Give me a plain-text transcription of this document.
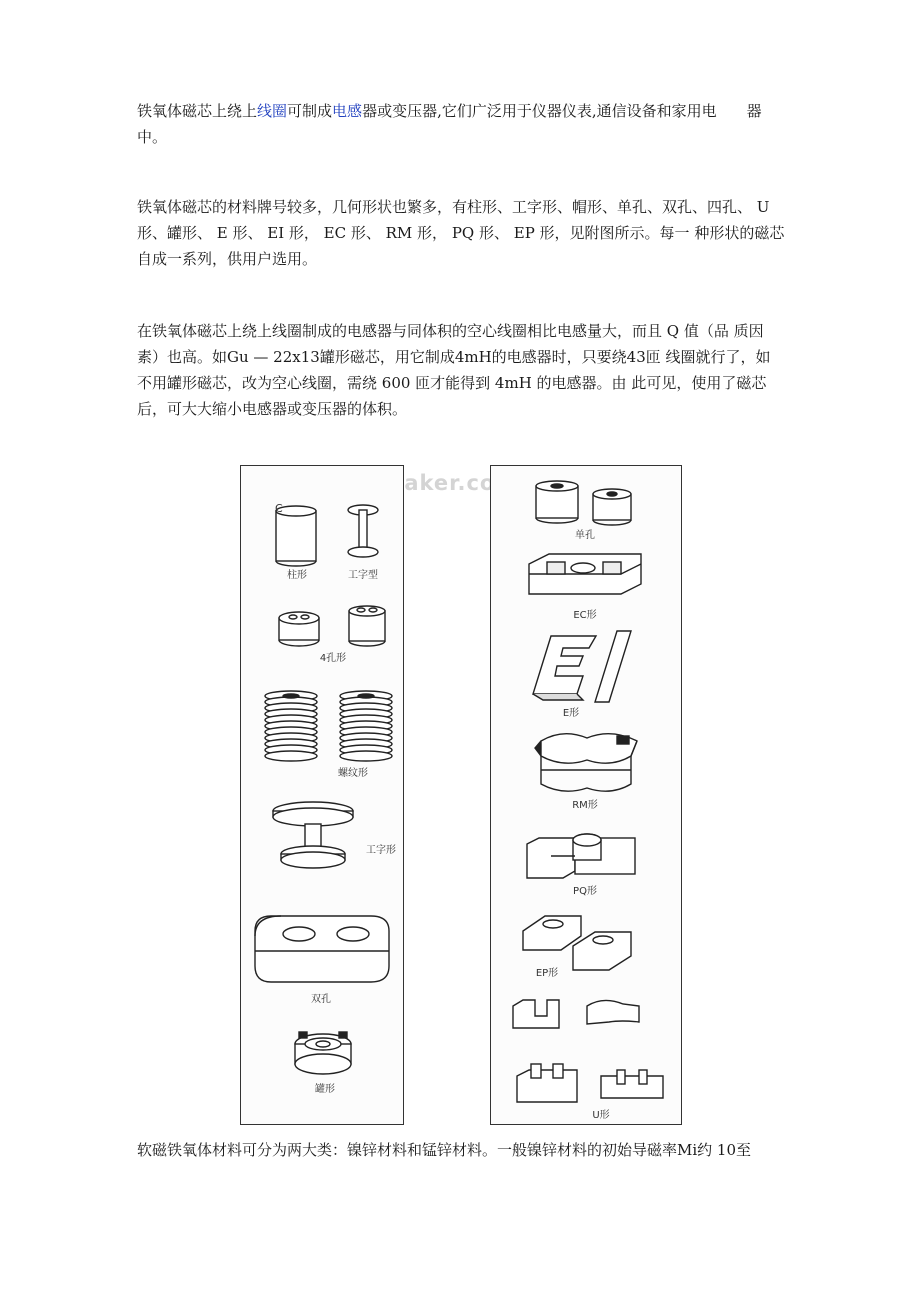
铁氧体磁芯上绕上线圈可制成电感器或变压器,它们广泛用于仪器仪表,通信设备和家用电　　器中。
铁氧体磁芯的材料牌号较多，几何形状也繁多，有柱形、工字形、帽形、单孔、双孔、四孔、 U形、罐形、 E 形、 EI 形， EC 形、 RM 形， PQ 形、 EP 形，见附图所示。每一 种形状的磁芯自成一系列，供用户选用。
在铁氧体磁芯上绕上线圈制成的电感器与同体积的空心线圈相比电感量大，而且 Q 值（品 质因素）也高。如Gu — 22x13罐形磁芯，用它制成4mH的电感器时，只要绕43匝 线圈就行了，如不用罐形磁芯，改为空心线圈，需绕 600 匝才能得到 4mH 的电感器。由 此可见，使用了磁芯后，可大大缩小电感器或变压器的体积。
软磁铁氧体材料可分为两大类：镍锌材料和锰锌材料。一般镍锌材料的初始导磁率Mi约 10至
C
柱形	工字型
4孔形
螺纹形
工字形
双孔
罐形
单孔
EC形
E形
RM形
PQ形
EP形
U形
